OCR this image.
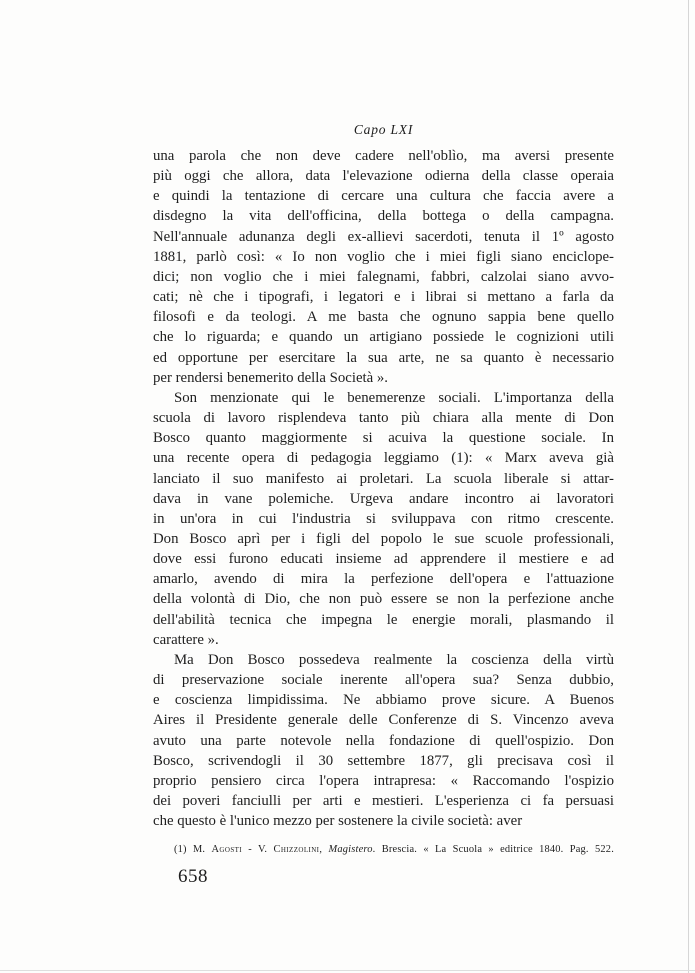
Capo LXI
una parola che non deve cadere nell'oblìo, ma aversi presente
più oggi che allora, data l'elevazione odierna della classe operaia
e quindi la tentazione di cercare una cultura che faccia avere a
disdegno la vita dell'officina, della bottega o della campagna.
Nell'annuale adunanza degli ex-allievi sacerdoti, tenuta il 1º agosto
1881, parlò così: « Io non voglio che i miei figli siano enciclope-
dici; non voglio che i miei falegnami, fabbri, calzolai siano avvo-
cati; nè che i tipografi, i legatori e i librai si mettano a farla da
filosofi e da teologi. A me basta che ognuno sappia bene quello
che lo riguarda; e quando un artigiano possiede le cognizioni utili
ed opportune per esercitare la sua arte, ne sa quanto è necessario
per rendersi benemerito della Società ».
Son menzionate qui le benemerenze sociali. L'importanza della
scuola di lavoro risplendeva tanto più chiara alla mente di Don
Bosco quanto maggiormente si acuiva la questione sociale. In
una recente opera di pedagogia leggiamo (1): « Marx aveva già
lanciato il suo manifesto ai proletari. La scuola liberale si attar-
dava in vane polemiche. Urgeva andare incontro ai lavoratori
in un'ora in cui l'industria si sviluppava con ritmo crescente.
Don Bosco aprì per i figli del popolo le sue scuole professionali,
dove essi furono educati insieme ad apprendere il mestiere e ad
amarlo, avendo di mira la perfezione dell'opera e l'attuazione
della volontà di Dio, che non può essere se non la perfezione anche
dell'abilità tecnica che impegna le energie morali, plasmando il
carattere ».
Ma Don Bosco possedeva realmente la coscienza della virtù
di preservazione sociale inerente all'opera sua? Senza dubbio,
e coscienza limpidissima. Ne abbiamo prove sicure. A Buenos
Aires il Presidente generale delle Conferenze di S. Vincenzo aveva
avuto una parte notevole nella fondazione di quell'ospizio. Don
Bosco, scrivendogli il 30 settembre 1877, gli precisava così il
proprio pensiero circa l'opera intrapresa: « Raccomando l'ospizio
dei poveri fanciulli per arti e mestieri. L'esperienza ci fa persuasi
che questo è l'unico mezzo per sostenere la civile società: aver
(1) M. Agosti - V. Chizzolini, Magistero. Brescia. « La Scuola » editrice 1840. Pag. 522.
658
